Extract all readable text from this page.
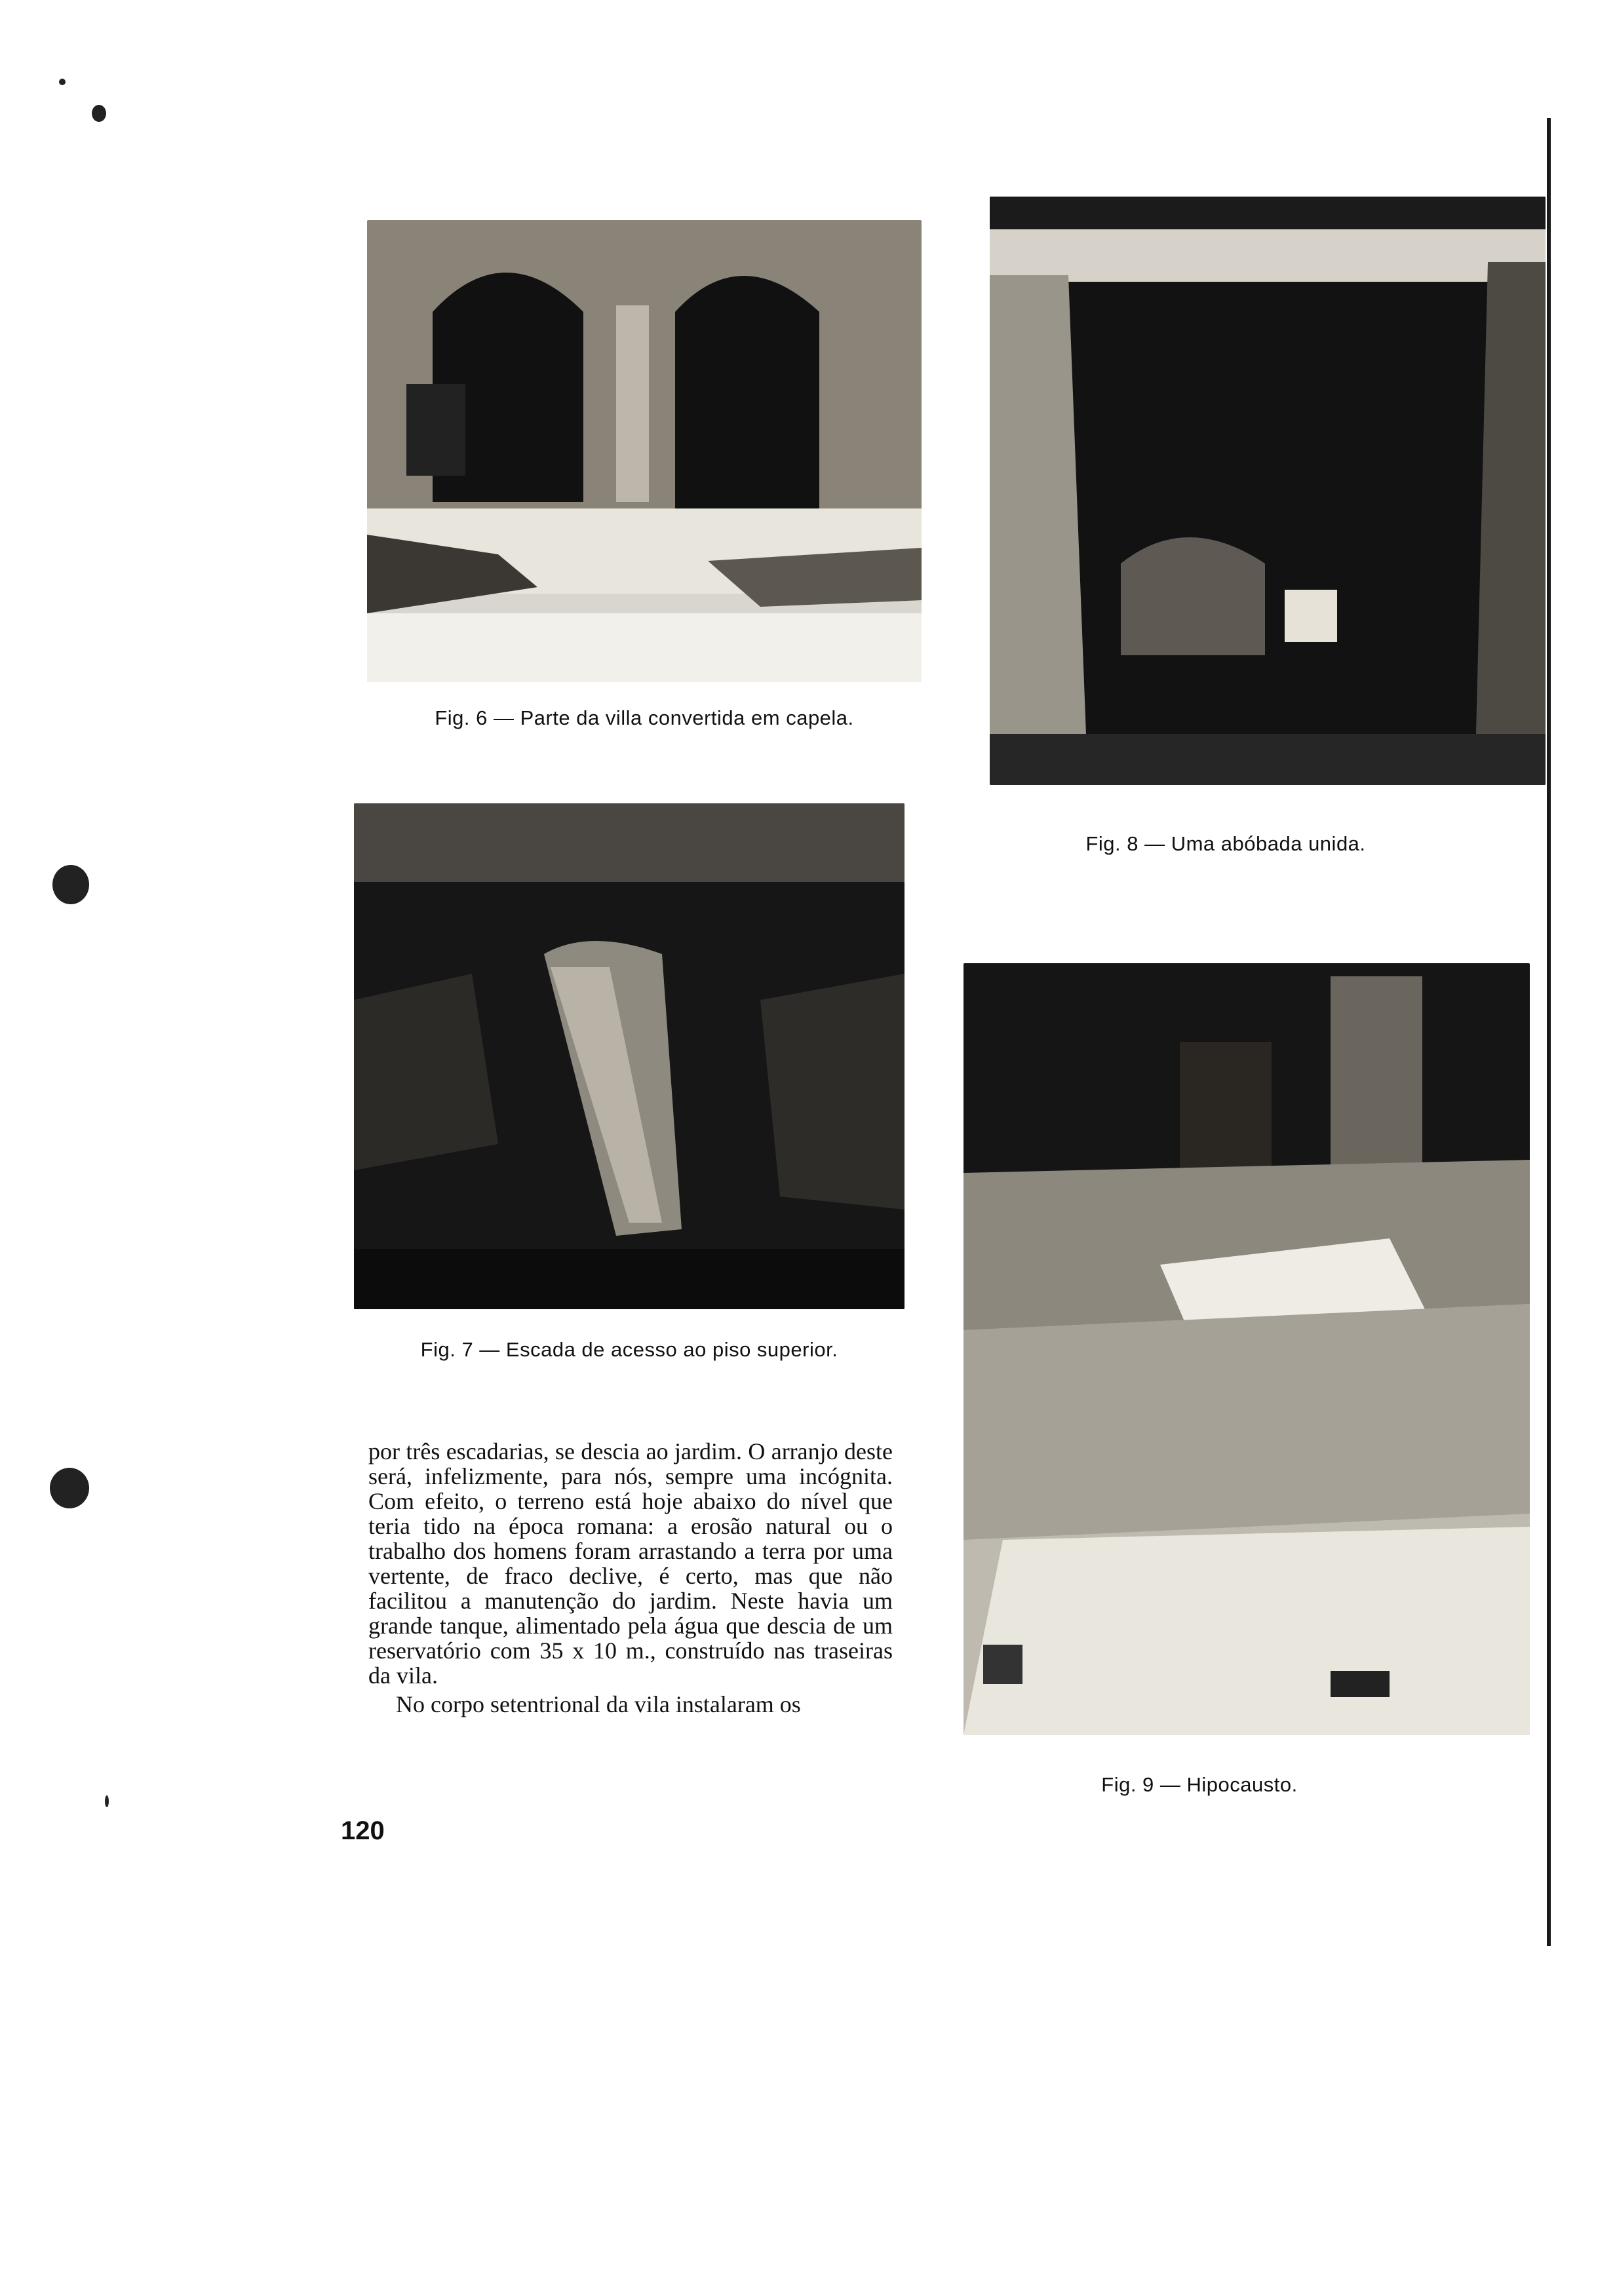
Fig. 6 — Parte da villa convertida em capela.
Fig. 7 — Escada de acesso ao piso superior.
Fig. 8 — Uma abóbada unida.
Fig. 9 — Hipocausto.

por três escadarias, se descia ao jardim. O arranjo deste será, infelizmente, para nós, sempre uma incógnita. Com efeito, o terreno está hoje abaixo do nível que teria tido na época romana: a erosão natural ou o trabalho dos homens foram arrastando a terra por uma vertente, de fraco declive, é certo, mas que não facilitou a manutenção do jardim. Neste havia um grande tanque, alimentado pela água que descia de um reservatório com 35 x 10 m., construído nas traseiras da vila.

No corpo setentrional da vila instalaram os

120
